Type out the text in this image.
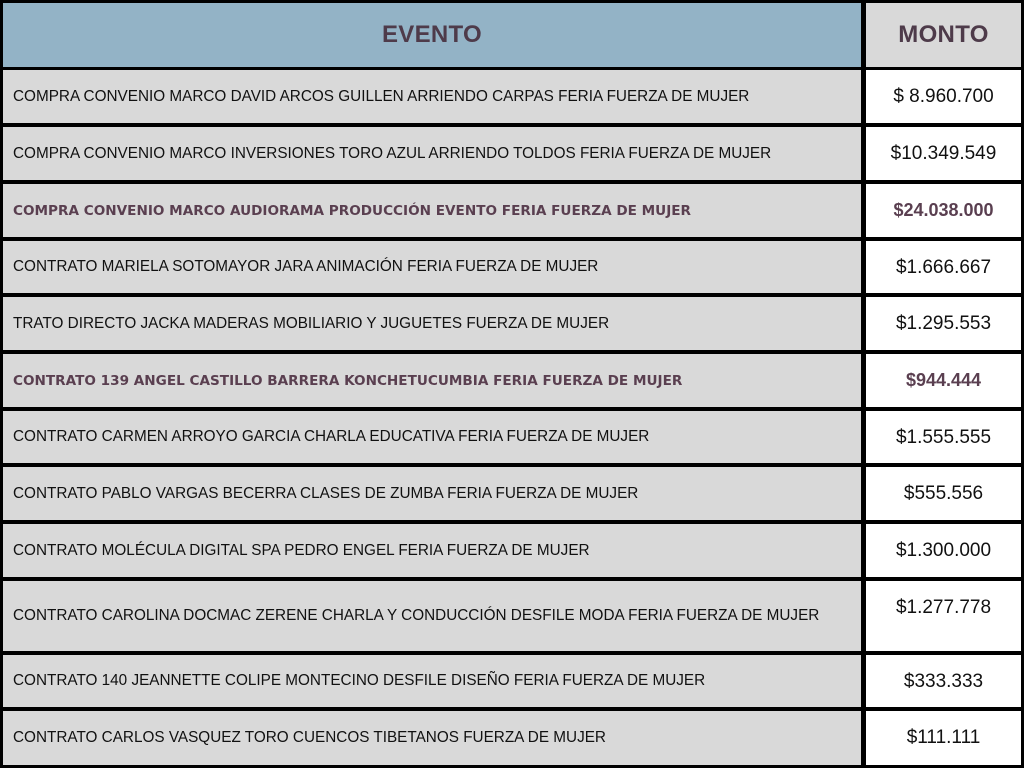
EVENTO	MONTO
COMPRA CONVENIO MARCO DAVID ARCOS GUILLEN ARRIENDO CARPAS FERIA FUERZA DE MUJER	$ 8.960.700
COMPRA CONVENIO MARCO INVERSIONES TORO AZUL ARRIENDO TOLDOS FERIA FUERZA DE MUJER	$10.349.549
COMPRA CONVENIO MARCO AUDIORAMA PRODUCCIÓN EVENTO FERIA FUERZA DE MUJER	$24.038.000
CONTRATO MARIELA SOTOMAYOR JARA ANIMACIÓN FERIA FUERZA DE MUJER	$1.666.667
TRATO DIRECTO JACKA MADERAS MOBILIARIO Y JUGUETES FUERZA DE MUJER	$1.295.553
CONTRATO 139 ANGEL CASTILLO BARRERA KONCHETUCUMBIA FERIA FUERZA DE MUJER	$944.444
CONTRATO CARMEN ARROYO GARCIA CHARLA EDUCATIVA FERIA FUERZA DE MUJER	$1.555.555
CONTRATO PABLO VARGAS BECERRA CLASES DE ZUMBA FERIA FUERZA DE MUJER	$555.556
CONTRATO MOLÉCULA DIGITAL SPA PEDRO ENGEL FERIA FUERZA DE MUJER	$1.300.000
CONTRATO CAROLINA DOCMAC ZERENE CHARLA Y CONDUCCIÓN DESFILE MODA FERIA FUERZA DE MUJER	$1.277.778
CONTRATO 140 JEANNETTE COLIPE MONTECINO DESFILE DISEÑO FERIA FUERZA DE MUJER	$333.333
CONTRATO CARLOS VASQUEZ TORO CUENCOS TIBETANOS FUERZA DE MUJER	$111.111
